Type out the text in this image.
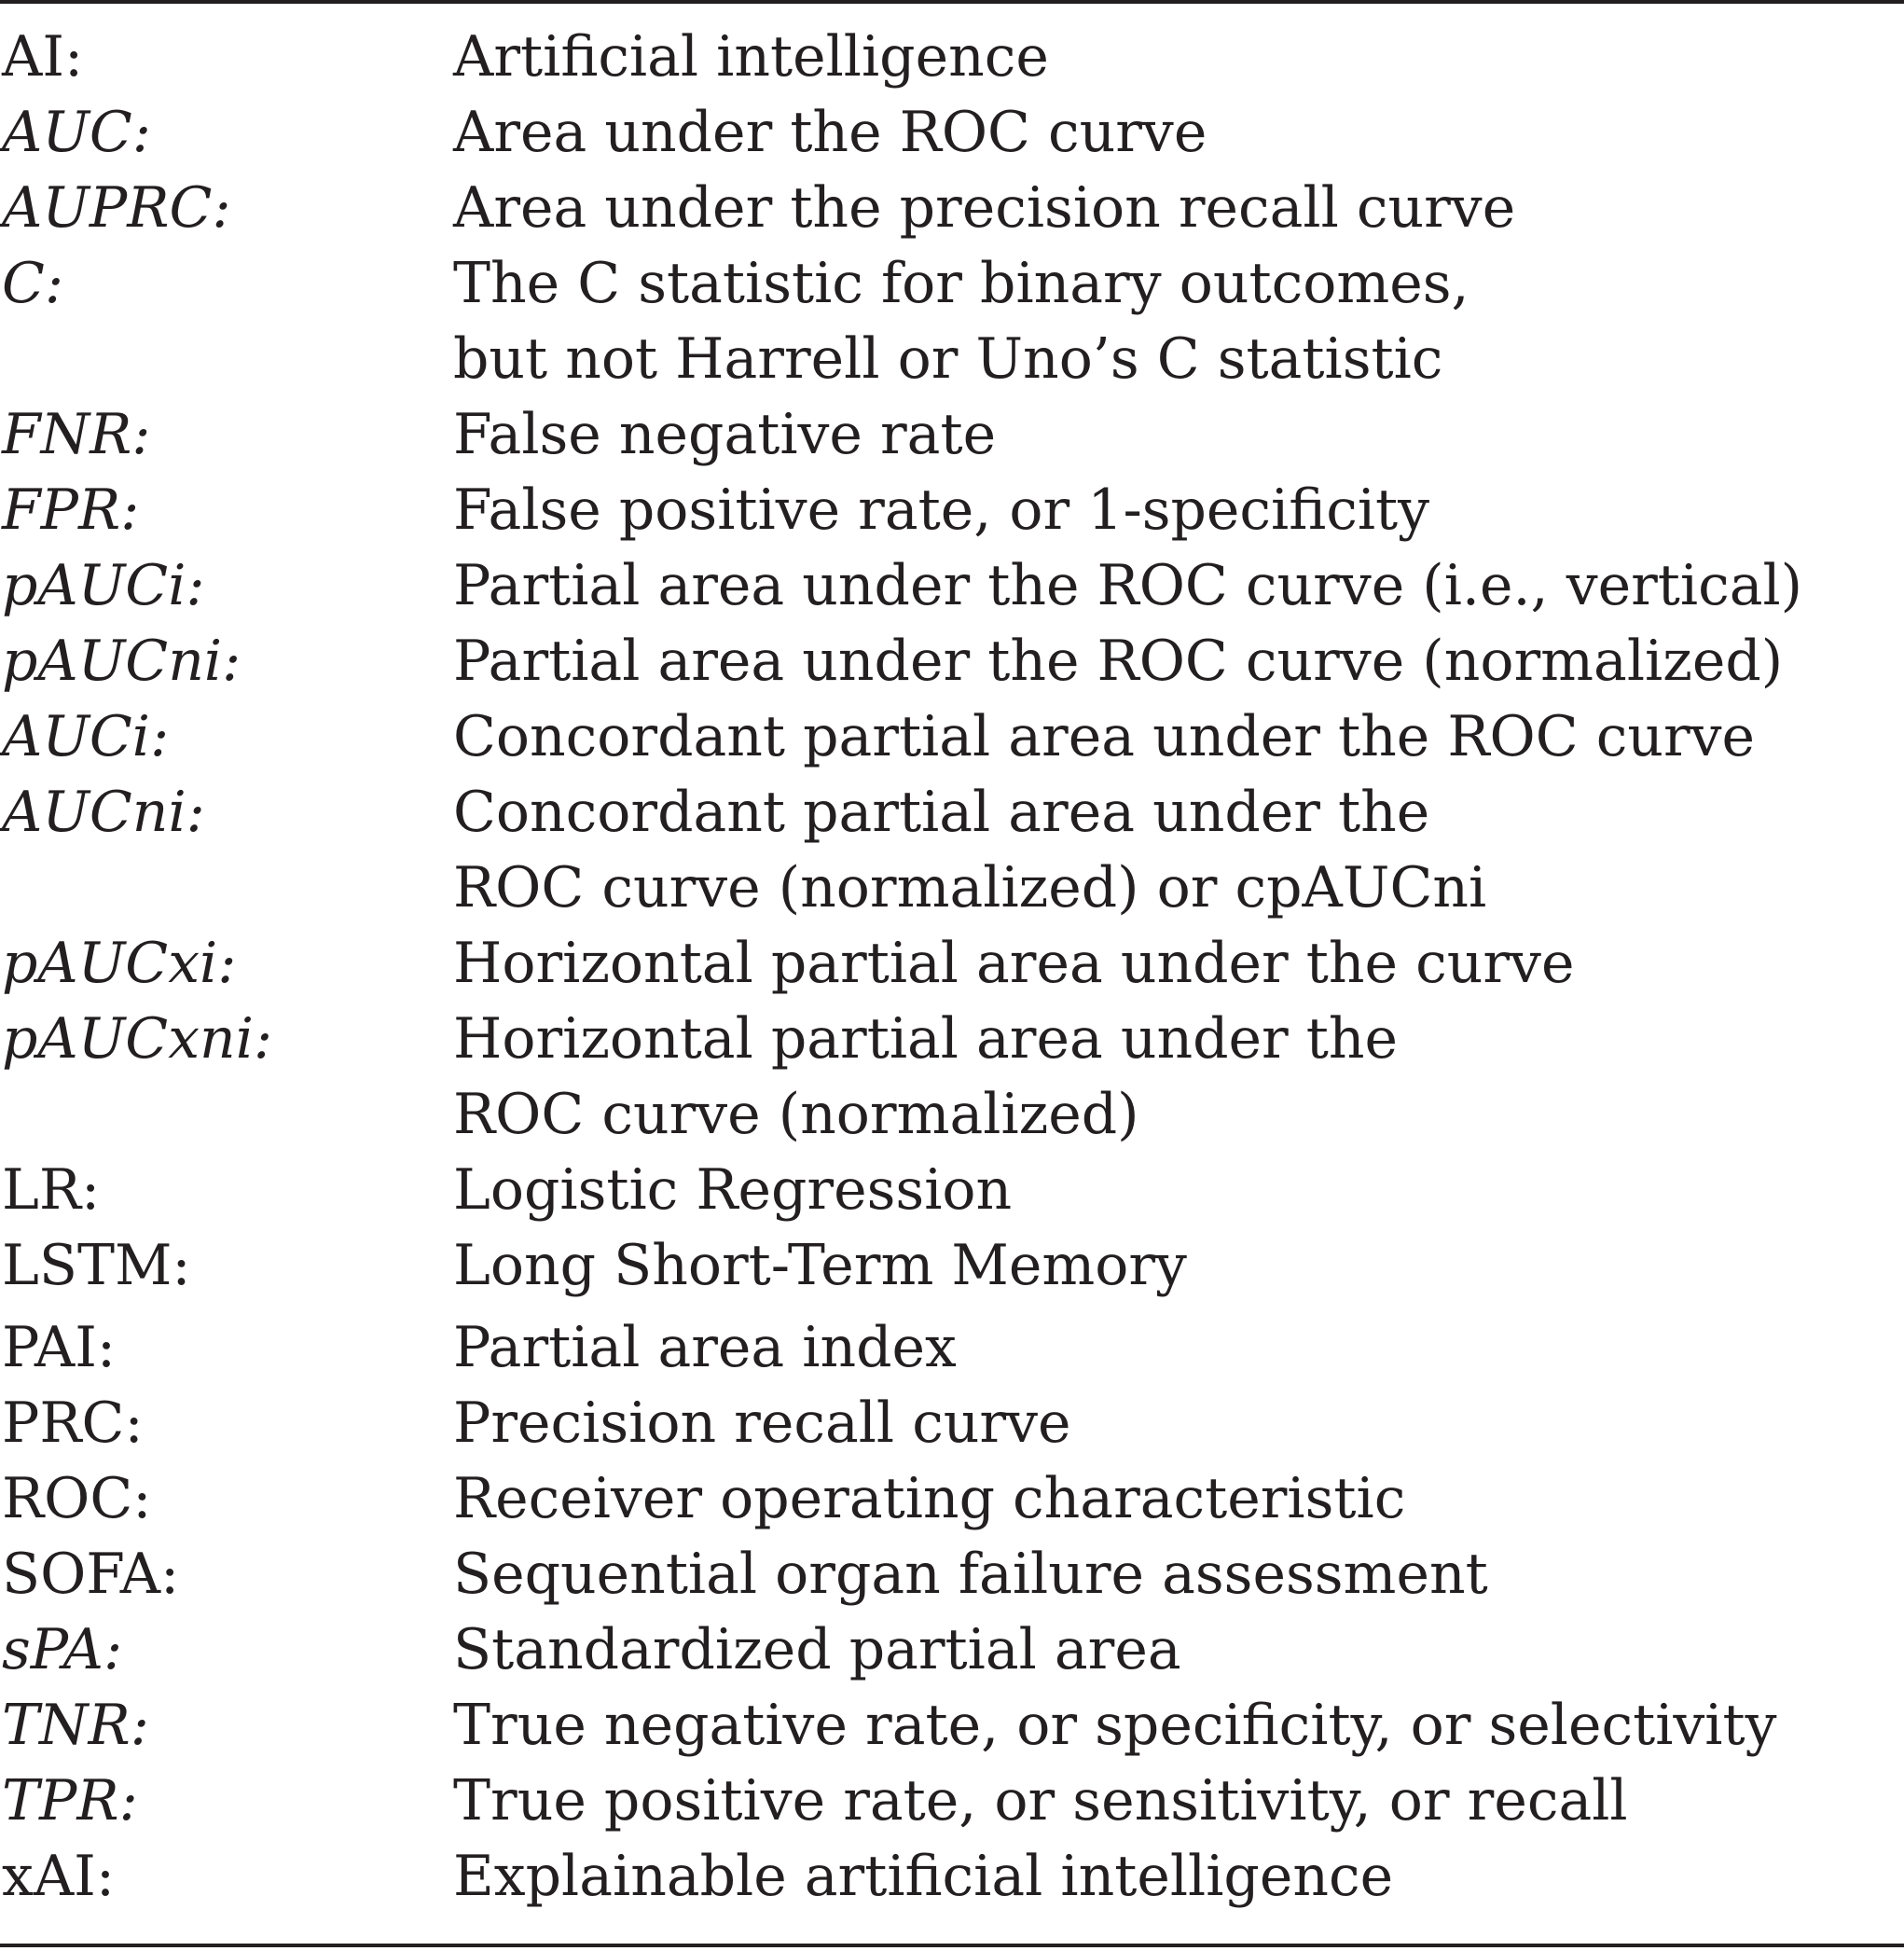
AI:	Artificial intelligence
AUC:	Area under the ROC curve
AUPRC:	Area under the precision recall curve
C:	The C statistic for binary outcomes,
but not Harrell or Uno’s C statistic
FNR:	False negative rate
FPR:	False positive rate, or 1-specificity
pAUCi:	Partial area under the ROC curve (i.e., vertical)
pAUCni:	Partial area under the ROC curve (normalized)
AUCi:	Concordant partial area under the ROC curve
AUCni:	Concordant partial area under the
ROC curve (normalized) or cpAUCni
pAUCxi:	Horizontal partial area under the curve
pAUCxni:	Horizontal partial area under the
ROC curve (normalized)
LR:	Logistic Regression
LSTM:	Long Short-Term Memory
PAI:	Partial area index
PRC:	Precision recall curve
ROC:	Receiver operating characteristic
SOFA:	Sequential organ failure assessment
sPA:	Standardized partial area
TNR:	True negative rate, or specificity, or selectivity
TPR:	True positive rate, or sensitivity, or recall
xAI:	Explainable artificial intelligence
